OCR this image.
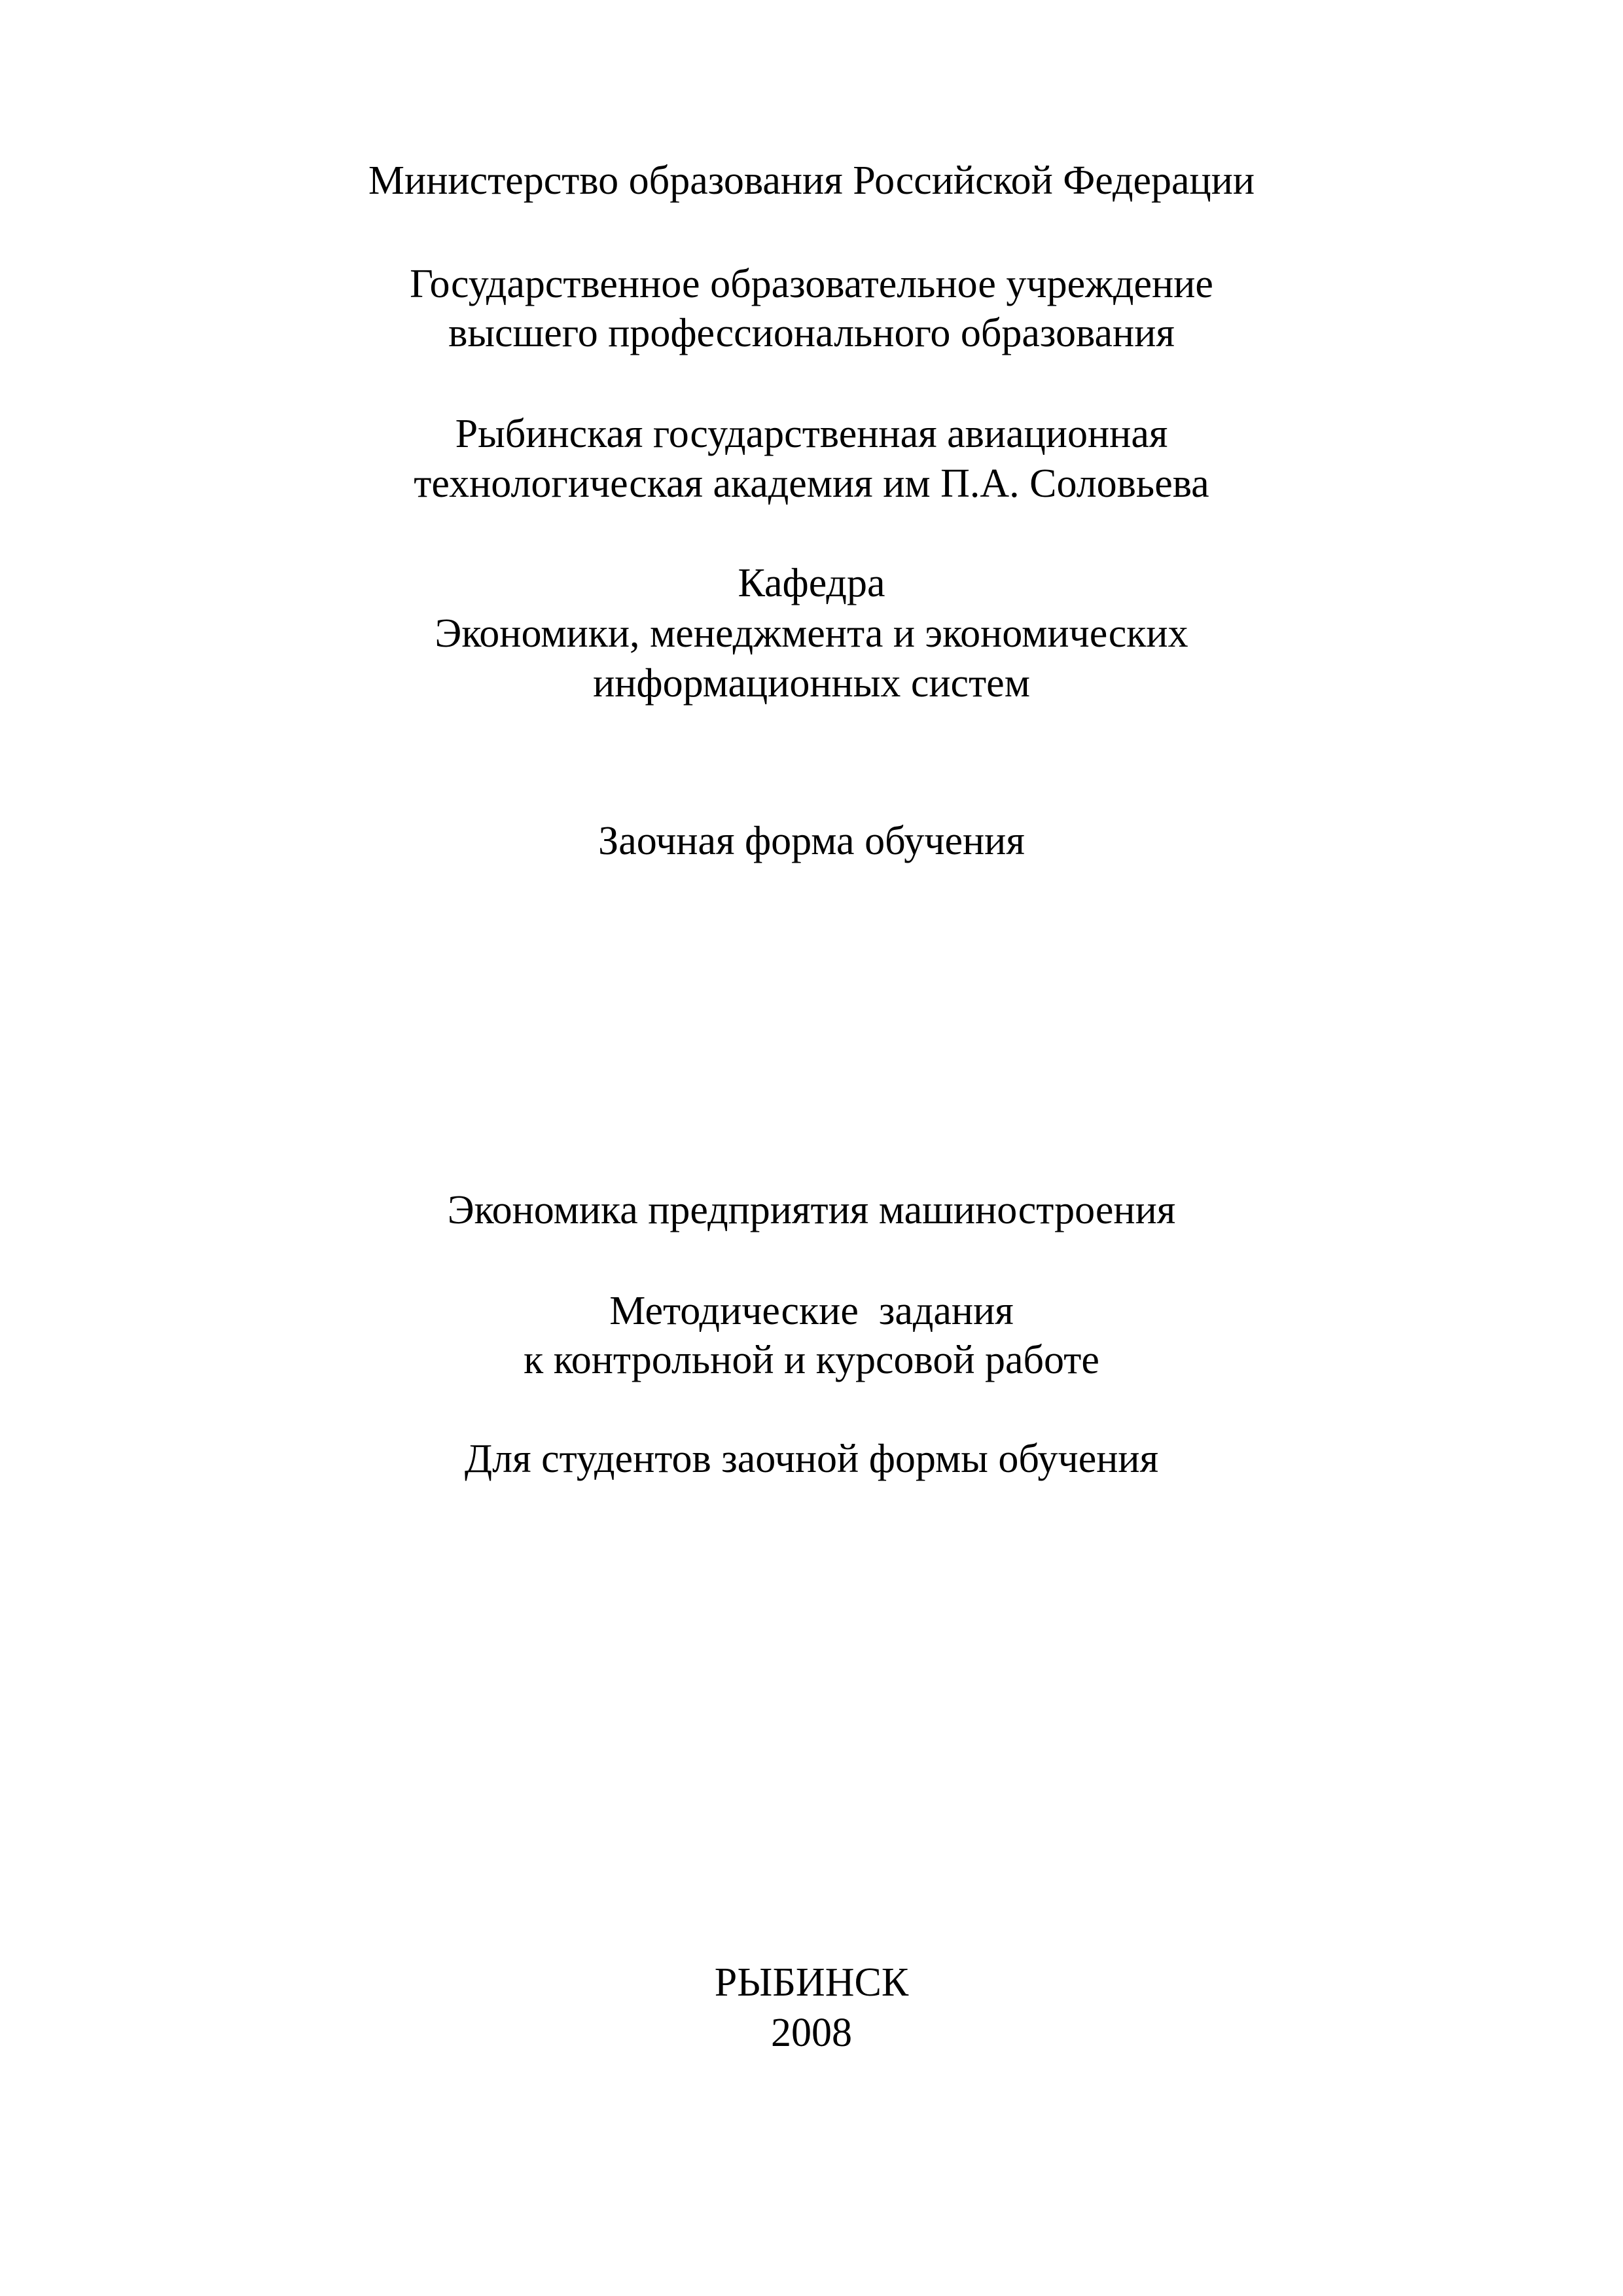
Министерство образования Российской Федерации
Государственное образовательное учреждение
высшего профессионального образования
Рыбинская государственная авиационная
технологическая академия им П.А. Соловьева
Кафедра
Экономики, менеджмента и экономических
информационных систем
Заочная форма обучения
Экономика предприятия машиностроения
Методические  задания
к контрольной и курсовой работе
Для студентов заочной формы обучения
РЫБИНСК
2008
